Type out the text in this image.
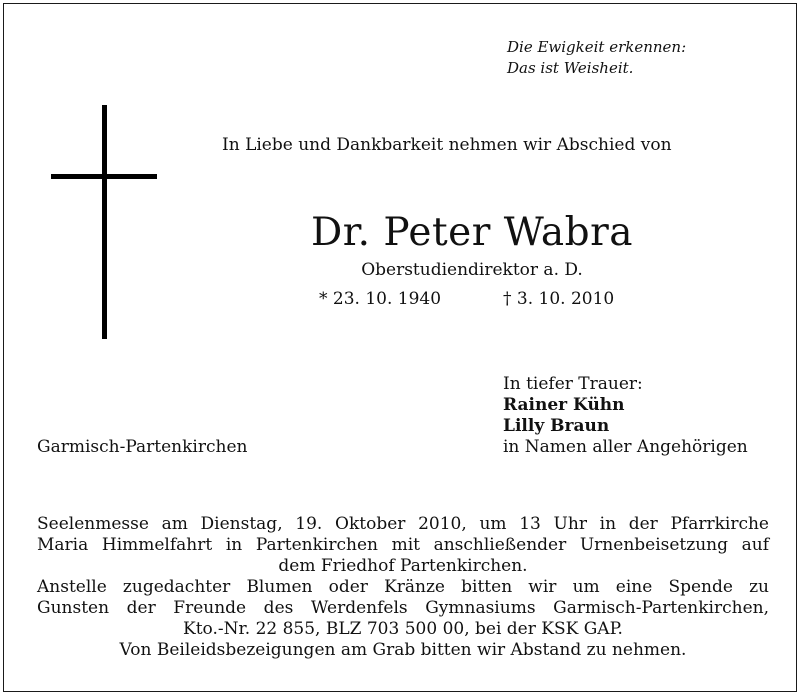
Die Ewigkeit erkennen:
Das ist Weisheit.
In Liebe und Dankbarkeit nehmen wir Abschied von
Dr. Peter Wabra
Oberstudiendirektor a. D.
* 23. 10. 1940	† 3. 10. 2010
In tiefer Trauer:
Rainer Kühn
Lilly Braun
in Namen aller Angehörigen
Garmisch-Partenkirchen
Seelenmesse am Dienstag, 19. Oktober 2010, um 13 Uhr in der Pfarrkirche
Maria Himmelfahrt in Partenkirchen mit anschließender Urnenbeisetzung auf
dem Friedhof Partenkirchen.
Anstelle zugedachter Blumen oder Kränze bitten wir um eine Spende zu
Gunsten der Freunde des Werdenfels Gymnasiums Garmisch-Partenkirchen,
Kto.-Nr. 22 855, BLZ 703 500 00, bei der KSK GAP.
Von Beileidsbezeigungen am Grab bitten wir Abstand zu nehmen.
